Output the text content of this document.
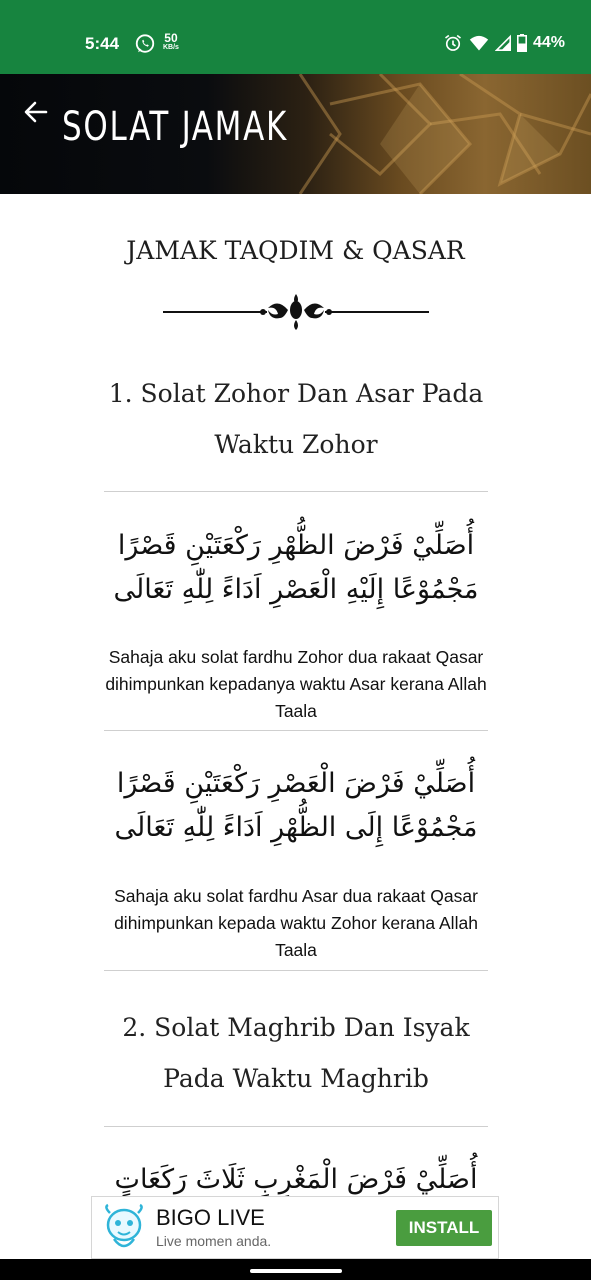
5:44	50
KB/s	44%
SOLAT JAMAK
JAMAK TAQDIM & QASAR
1. Solat Zohor Dan Asar Pada Waktu Zohor
أُصَلِّيْ فَرْضَ الظُّهْرِ رَكْعَتَيْنِ قَصْرًا مَجْمُوْعًا إِلَيْهِ الْعَصْرِ اَدَاءً لِلّٰهِ تَعَالَى
Sahaja aku solat fardhu Zohor dua rakaat Qasar dihimpunkan kepadanya waktu Asar kerana Allah Taala
أُصَلِّيْ فَرْضَ الْعَصْرِ رَكْعَتَيْنِ قَصْرًا مَجْمُوْعًا إِلَى الظُّهْرِ اَدَاءً لِلّٰهِ تَعَالَى
Sahaja aku solat fardhu Asar dua rakaat Qasar dihimpunkan kepada waktu Zohor kerana Allah Taala
2. Solat Maghrib Dan Isyak Pada Waktu Maghrib
أُصَلِّيْ فَرْضَ الْمَغْرِبِ ثَلَاثَ رَكَعَاتٍ
BIGO LIVE
Live momen anda.
INSTALL
